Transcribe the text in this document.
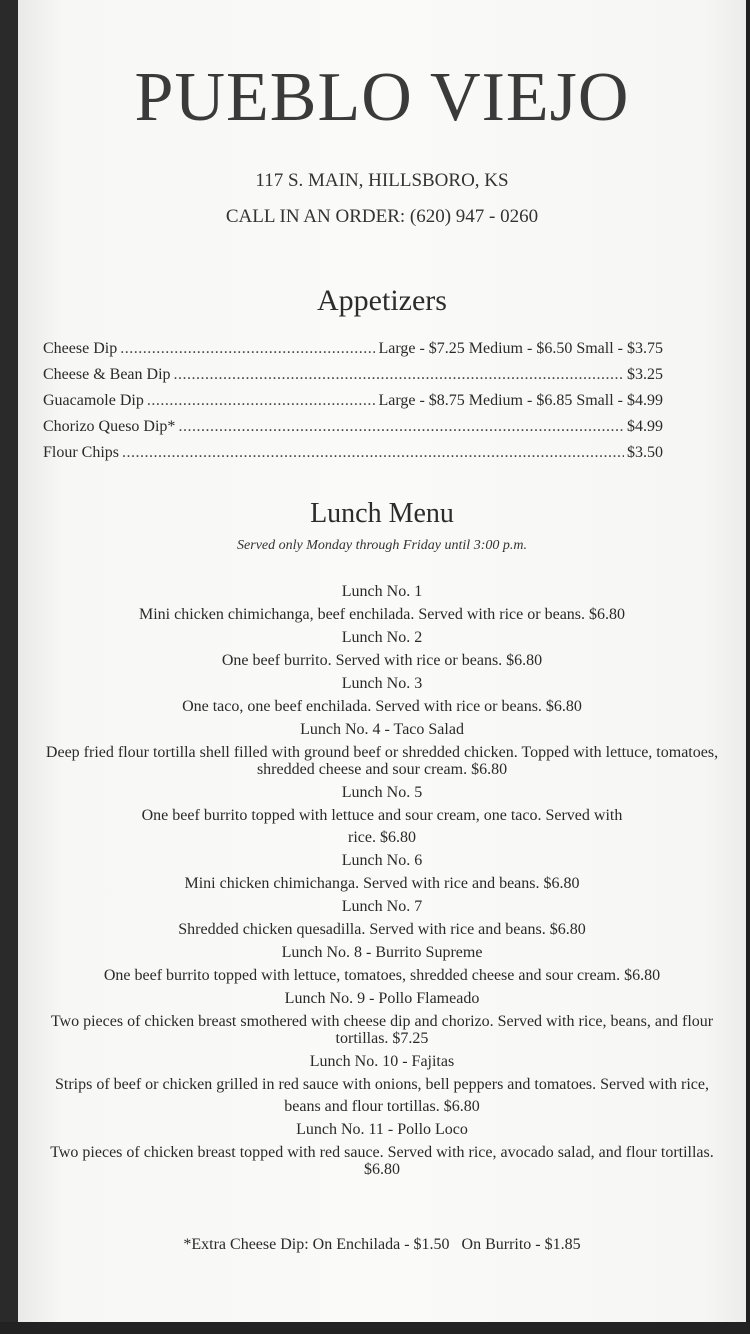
PUEBLO VIEJO
117 S. MAIN, HILLSBORO, KS
CALL IN AN ORDER: (620) 947 - 0260
Appetizers
Cheese Dip .....	Large - $7.25 Medium - $6.50 Small - $3.75
Cheese & Bean Dip .....	$3.25
Guacamole Dip .....	Large - $8.75 Medium - $6.85 Small - $4.99
Chorizo Queso Dip* .....	$4.99
Flour Chips .....	$3.50
Lunch Menu
Served only Monday through Friday until 3:00 p.m.
Lunch No. 1
Mini chicken chimichanga, beef enchilada. Served with rice or beans. $6.80
Lunch No. 2
One beef burrito. Served with rice or beans. $6.80
Lunch No. 3
One taco, one beef enchilada. Served with rice or beans. $6.80
Lunch No. 4 - Taco Salad
Deep fried flour tortilla shell filled with ground beef or shredded chicken. Topped with lettuce, tomatoes, shredded cheese and sour cream. $6.80
Lunch No. 5
One beef burrito topped with lettuce and sour cream, one taco. Served with rice. $6.80
Lunch No. 6
Mini chicken chimichanga. Served with rice and beans. $6.80
Lunch No. 7
Shredded chicken quesadilla. Served with rice and beans. $6.80
Lunch No. 8 - Burrito Supreme
One beef burrito topped with lettuce, tomatoes, shredded cheese and sour cream. $6.80
Lunch No. 9 - Pollo Flameado
Two pieces of chicken breast smothered with cheese dip and chorizo. Served with rice, beans, and flour tortillas. $7.25
Lunch No. 10 - Fajitas
Strips of beef or chicken grilled in red sauce with onions, bell peppers and tomatoes. Served with rice, beans and flour tortillas. $6.80
Lunch No. 11 - Pollo Loco
Two pieces of chicken breast topped with red sauce. Served with rice, avocado salad, and flour tortillas. $6.80
*Extra Cheese Dip: On Enchilada - $1.50   On Burrito - $1.85
